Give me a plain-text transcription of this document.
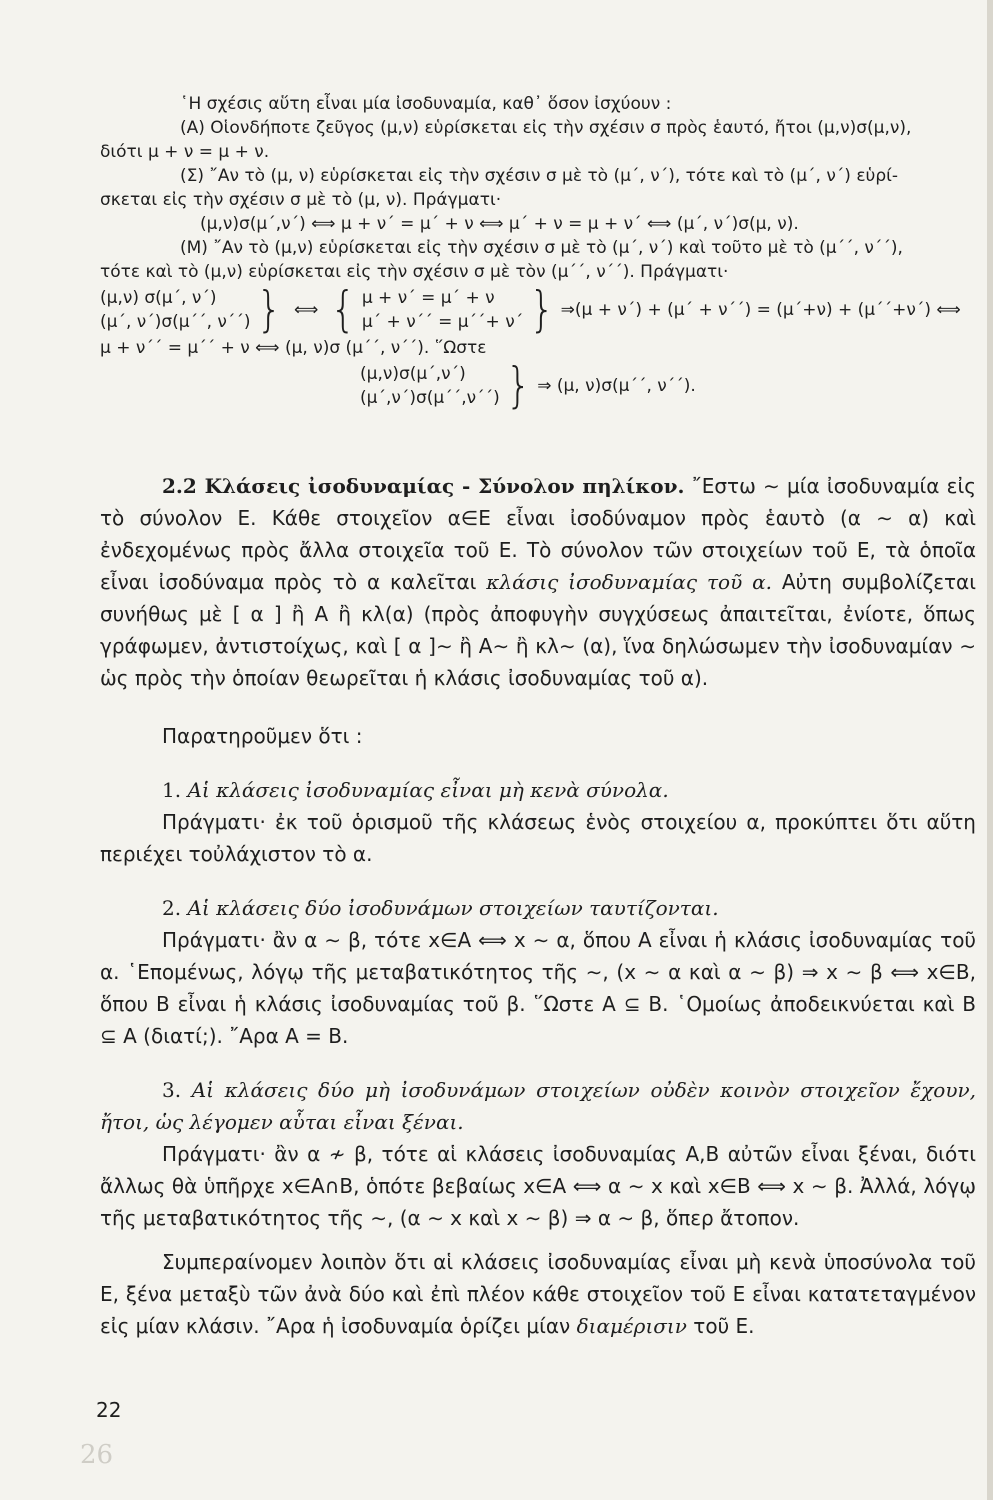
῾Η σχέσις αὕτη εἶναι μία ἰσοδυναμία, καθ᾽ ὅσον ἰσχύουν :

(Α) Οἱονδήποτε ζεῦγος (μ,ν) εὑρίσκεται εἰς τὴν σχέσιν σ πρὸς ἑαυτό, ἤτοι (μ,ν)σ(μ,ν),

διότι μ + ν = μ + ν.

(Σ) ῎Αν τὸ (μ, ν) εὑρίσκεται εἰς τὴν σχέσιν σ μὲ τὸ (μ΄, ν΄), τότε καὶ τὸ (μ΄, ν΄) εὑρί-

σκεται εἰς τὴν σχέσιν σ μὲ τὸ (μ, ν). Πράγματι·

(μ,ν)σ(μ΄,ν΄) ⟺ μ + ν΄ = μ΄ + ν ⟺ μ΄ + ν = μ + ν΄ ⟺ (μ΄, ν΄)σ(μ, ν).

(Μ) ῎Αν τὸ (μ,ν) εὑρίσκεται εἰς τὴν σχέσιν σ μὲ τὸ (μ΄, ν΄) καὶ τοῦτο μὲ τὸ (μ΄΄, ν΄΄),

τότε καὶ τὸ (μ,ν) εὑρίσκεται εἰς τὴν σχέσιν σ μὲ τὸν (μ΄΄, ν΄΄). Πράγματι·

(μ,ν) σ(μ΄, ν΄)
(μ΄, ν΄)σ(μ΄΄, ν΄΄) } ⟺ { μ + ν΄ = μ΄ + ν
μ΄ + ν΄΄ = μ΄΄+ ν΄ } ⇒(μ + ν΄) + (μ΄ + ν΄΄) = (μ΄+ν) + (μ΄΄+ν΄) ⟺

μ + ν΄΄ = μ΄΄ + ν ⟺ (μ, ν)σ (μ΄΄, ν΄΄). ῞Ωστε

(μ,ν)σ(μ΄,ν΄)
(μ΄,ν΄)σ(μ΄΄,ν΄΄) } ⇒ (μ, ν)σ(μ΄΄, ν΄΄).

2.2 Κλάσεις ἰσοδυναμίας - Σύνολον πηλίκον. ῎Εστω ∼ μία ἰσοδυναμία εἰς τὸ σύνολον Ε. Κάθε στοιχεῖον α∈Ε εἶναι ἰσοδύναμον πρὸς ἑαυτὸ (α ∼ α) καὶ ἐνδεχομένως πρὸς ἄλλα στοιχεῖα τοῦ Ε. Τὸ σύνολον τῶν στοιχείων τοῦ Ε, τὰ ὁποῖα εἶναι ἰσοδύναμα πρὸς τὸ α καλεῖται κλάσις ἰσοδυναμίας τοῦ α. Αὐτη συμβολίζεται συνήθως μὲ [ α ] ἢ Α ἢ κλ(α) (πρὸς ἀποφυγὴν συγχύσεως ἀπαιτεῖται, ἐνίοτε, ὅπως γράφωμεν, ἀντιστοίχως, καὶ [ α ]∼ ἢ Α∼ ἢ κλ∼ (α), ἵνα δηλώσωμεν τὴν ἰσοδυναμίαν ∼ ὡς πρὸς τὴν ὁποίαν θεωρεῖται ἡ κλάσις ἰσοδυναμίας τοῦ α).

Παρατηροῦμεν ὅτι :

1. Αἱ κλάσεις ἰσοδυναμίας εἶναι μὴ κενὰ σύνολα.

Πράγματι· ἐκ τοῦ ὁρισμοῦ τῆς κλάσεως ἑνὸς στοιχείου α, προκύπτει ὅτι αὕτη περιέχει τοὐλάχιστον τὸ α.

2. Αἱ κλάσεις δύο ἰσοδυνάμων στοιχείων ταυτίζονται.

Πράγματι· ἂν α ∼ β, τότε x∈A ⟺ x ∼ α, ὅπου Α εἶναι ἡ κλάσις ἰσοδυναμίας τοῦ α. ῾Επομένως, λόγῳ τῆς μεταβατικότητος τῆς ∼, (x ∼ α καὶ α ∼ β) ⇒ x ∼ β ⟺ x∈B, ὅπου Β εἶναι ἡ κλάσις ἰσοδυναμίας τοῦ β. ῞Ωστε Α ⊆ Β. ῾Ομοίως ἀποδεικνύεται καὶ Β ⊆ Α (διατί;). ῎Αρα Α = Β.

3. Αἱ κλάσεις δύο μὴ ἰσοδυνάμων στοιχείων οὐδὲν κοινὸν στοιχεῖον ἔχουν, ἤτοι, ὡς λέγομεν αὗται εἶναι ξέναι.

Πράγματι· ἂν α ≁ β, τότε αἱ κλάσεις ἰσοδυναμίας Α,Β αὐτῶν εἶναι ξέναι, διότι ἄλλως θὰ ὑπῆρχε x∈A∩B, ὁπότε βεβαίως x∈A ⟺ α ∼ x καὶ x∈B ⟺ x ∼ β. Ἀλλά, λόγῳ τῆς μεταβατικότητος τῆς ∼, (α ∼ x καὶ x ∼ β) ⇒ α ∼ β, ὅπερ ἄτοπον.

Συμπεραίνομεν λοιπὸν ὅτι αἱ κλάσεις ἰσοδυναμίας εἶναι μὴ κενὰ ὑποσύνολα τοῦ Ε, ξένα μεταξὺ τῶν ἀνὰ δύο καὶ ἐπὶ πλέον κάθε στοιχεῖον τοῦ Ε εἶναι κατατεταγμένον εἰς μίαν κλάσιν. ῎Αρα ἡ ἰσοδυναμία ὁρίζει μίαν διαμέρισιν τοῦ Ε.

22
26
